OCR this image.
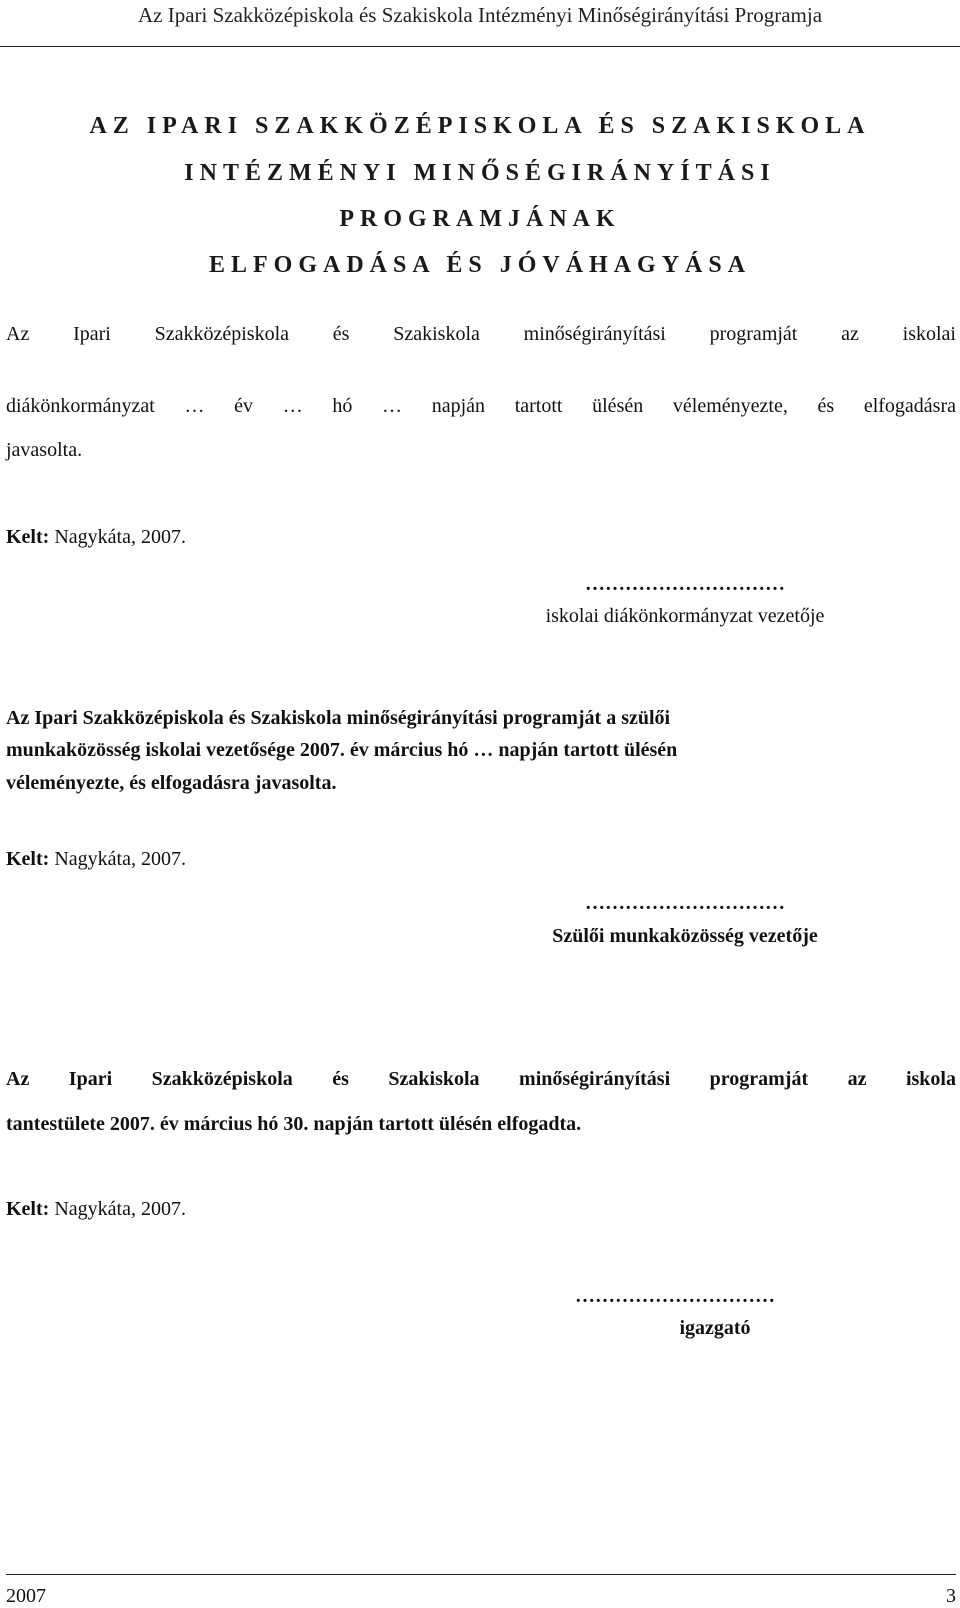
Az Ipari Szakközépiskola és Szakiskola Intézményi Minőségirányítási Programja
AZ IPARI SZAKKÖZÉPISKOLA ÉS SZAKISKOLA
INTÉZMÉNYI MINŐSÉGIRÁNYÍTÁSI
PROGRAMJÁNAK
ELFOGADÁSA ÉS JÓVÁHAGYÁSA
Az Ipari Szakközépiskola és Szakiskola minőségirányítási programját az iskolai
diákönkormányzat … év … hó … napján tartott ülésén véleményezte, és elfogadásra
javasolta.
Kelt: Nagykáta, 2007.
…………………………
iskolai diákönkormányzat vezetője
Az Ipari Szakközépiskola és Szakiskola minőségirányítási programját a szülői
munkaközösség iskolai vezetősége 2007. év március hó … napján tartott ülésén
véleményezte, és elfogadásra javasolta.
Kelt: Nagykáta, 2007.
…………………………
Szülői munkaközösség vezetője
Az Ipari Szakközépiskola és Szakiskola minőségirányítási programját az iskola
tantestülete 2007. év március hó 30. napján tartott ülésén elfogadta.
Kelt: Nagykáta, 2007.
…………………………
igazgató
2007	3
